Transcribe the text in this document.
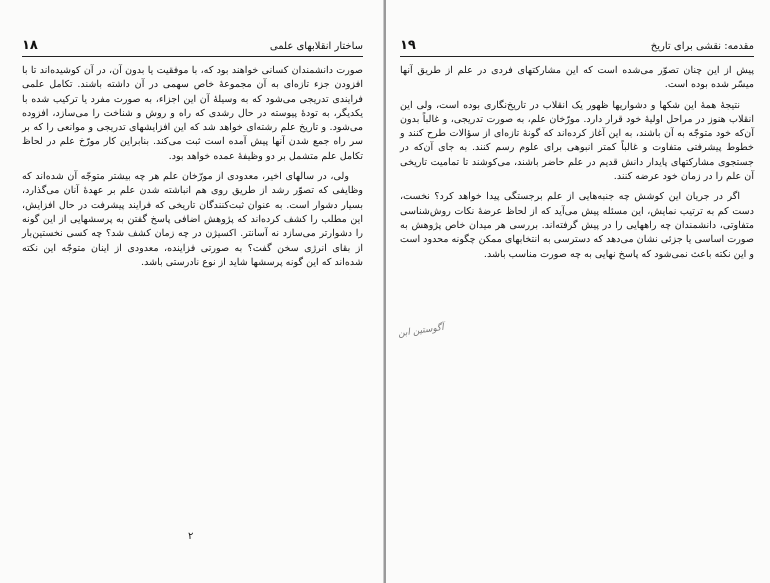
ساختار انقلابهای علمی
۱۸

صورت دانشمندان کسانی خواهند بود که، با موفقیت یا بدون آن، در آن کوشیده‌اند تا با افزودن جزء تازه‌ای به آن مجموعهٔ خاص سهمی در آن داشته باشند. تکامل علمی فرایندی تدریجی می‌شود که به وسیلهٔ آن این اجزاء، به صورت مفرد یا ترکیب شده با یکدیگر، به تودهٔ پیوسته در حال رشدی که راه و روش و شناخت را می‌سازد، افزوده می‌شود. و تاریخ علم رشته‌ای خواهد شد که این افزایشهای تدریجی و موانعی را که بر سر راه جمع شدن آنها پیش آمده است ثبت می‌کند. بنابراین کار مورّخ علم در لحاظ تکامل علم متشمل بر دو وظیفهٔ عمده خواهد بود.

ولی، در سالهای اخیر، معدودی از مورّخان علم هر چه بیشتر متوجّه آن شده‌اند که وظایفی که تصوّر رشد از طریق روی هم انباشته شدن علم بر عهدهٔ آنان می‌گذارد، بسیار دشوار است. به عنوان ثبت‌کنندگان تاریخی که فرایند پیشرفت در حال افزایش، این مطلب را کشف کرده‌اند که پژوهش اضافی پاسخ گفتن به پرسشهایی از این گونه را دشوارتر می‌سازد نه آسانتر. اکسیژن در چه زمان کشف شد؟ چه کسی نخستین‌بار از بقای انرژی سخن گفت؟ به صورتی فزاینده، معدودی از اینان متوجّه این نکته شده‌اند که این گونه پرسشها شاید از نوع نادرستی باشد.

۲
مقدمه: نقشی برای تاریخ
۱۹

پیش از این چنان تصوّر می‌شده است که این مشارکتهای فردی در علم از طریق آنها میسّر شده بوده است.

نتیجهٔ همهٔ این شکها و دشواریها ظهور یک انقلاب در تاریخ‌نگاری بوده است، ولی این انقلاب هنوز در مراحل اولیهٔ خود قرار دارد. مورّخان علم، به صورت تدریجی، و غالباً بدون آن‌که خود متوجّه به آن باشند، به این آغاز کرده‌اند که گونهٔ تازه‌ای از سؤالات طرح کنند و خطوط پیشرفتی متفاوت و غالباً کمتر انبوهی برای علوم رسم کنند. به جای آن‌که در جستجوی مشارکتهای پایدار دانش قدیم در علم حاضر باشند، می‌کوشند تا تمامیت تاریخی آن علم را در زمان خود عرضه کنند.

اگر در جریان این کوشش چه جنبه‌هایی از علم برجستگی پیدا خواهد کرد؟ نخست، دست کم به ترتیب نمایش، این مسئله پیش می‌آید که از لحاظ عرضهٔ نکات روش‌شناسی متفاوتی، دانشمندان چه راههایی را در پیش گرفته‌اند. بررسی هر میدان خاص پژوهش به صورت اساسی یا جزئی نشان می‌دهد که دسترسی به انتخابهای ممکن چگونه محدود است و این نکته باعث نمی‌شود که پاسخ نهایی به چه صورت مناسب باشد.

آگوستین ابن
